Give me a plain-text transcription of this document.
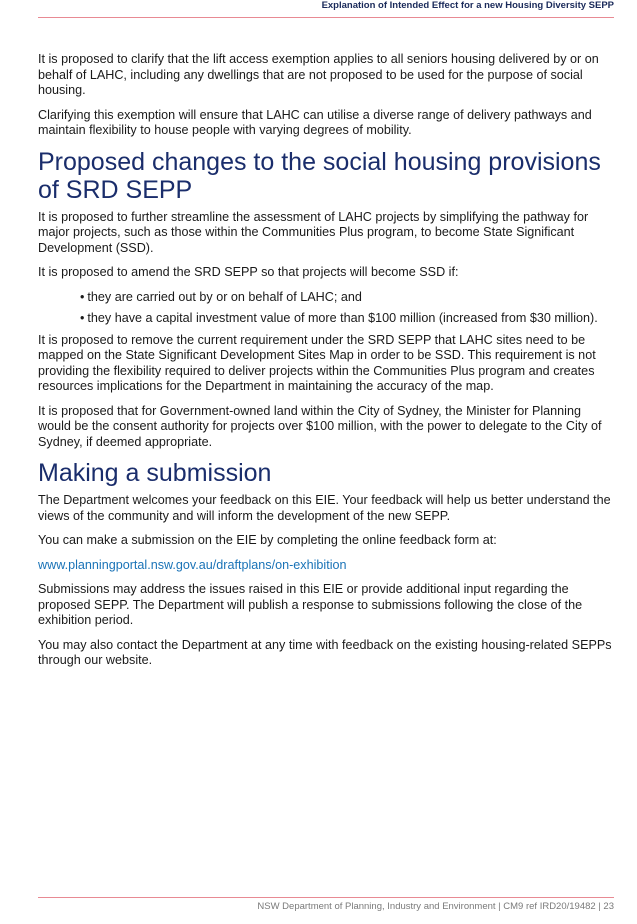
Explanation of Intended Effect for a new Housing Diversity SEPP

It is proposed to clarify that the lift access exemption applies to all seniors housing delivered by or on behalf of LAHC, including any dwellings that are not proposed to be used for the purpose of social housing.

Clarifying this exemption will ensure that LAHC can utilise a diverse range of delivery pathways and maintain flexibility to house people with varying degrees of mobility.

Proposed changes to the social housing provisions of SRD SEPP

It is proposed to further streamline the assessment of LAHC projects by simplifying the pathway for major projects, such as those within the Communities Plus program, to become State Significant Development (SSD).

It is proposed to amend the SRD SEPP so that projects will become SSD if:

• they are carried out by or on behalf of LAHC; and
• they have a capital investment value of more than $100 million (increased from $30 million).

It is proposed to remove the current requirement under the SRD SEPP that LAHC sites need to be mapped on the State Significant Development Sites Map in order to be SSD. This requirement is not providing the flexibility required to deliver projects within the Communities Plus program and creates resources implications for the Department in maintaining the accuracy of the map.

It is proposed that for Government-owned land within the City of Sydney, the Minister for Planning would be the consent authority for projects over $100 million, with the power to delegate to the City of Sydney, if deemed appropriate.

Making a submission

The Department welcomes your feedback on this EIE. Your feedback will help us better understand the views of the community and will inform the development of the new SEPP.

You can make a submission on the EIE by completing the online feedback form at:

www.planningportal.nsw.gov.au/draftplans/on-exhibition

Submissions may address the issues raised in this EIE or provide additional input regarding the proposed SEPP. The Department will publish a response to submissions following the close of the exhibition period.

You may also contact the Department at any time with feedback on the existing housing-related SEPPs through our website.

NSW Department of Planning, Industry and Environment | CM9 ref IRD20/19482 | 23
